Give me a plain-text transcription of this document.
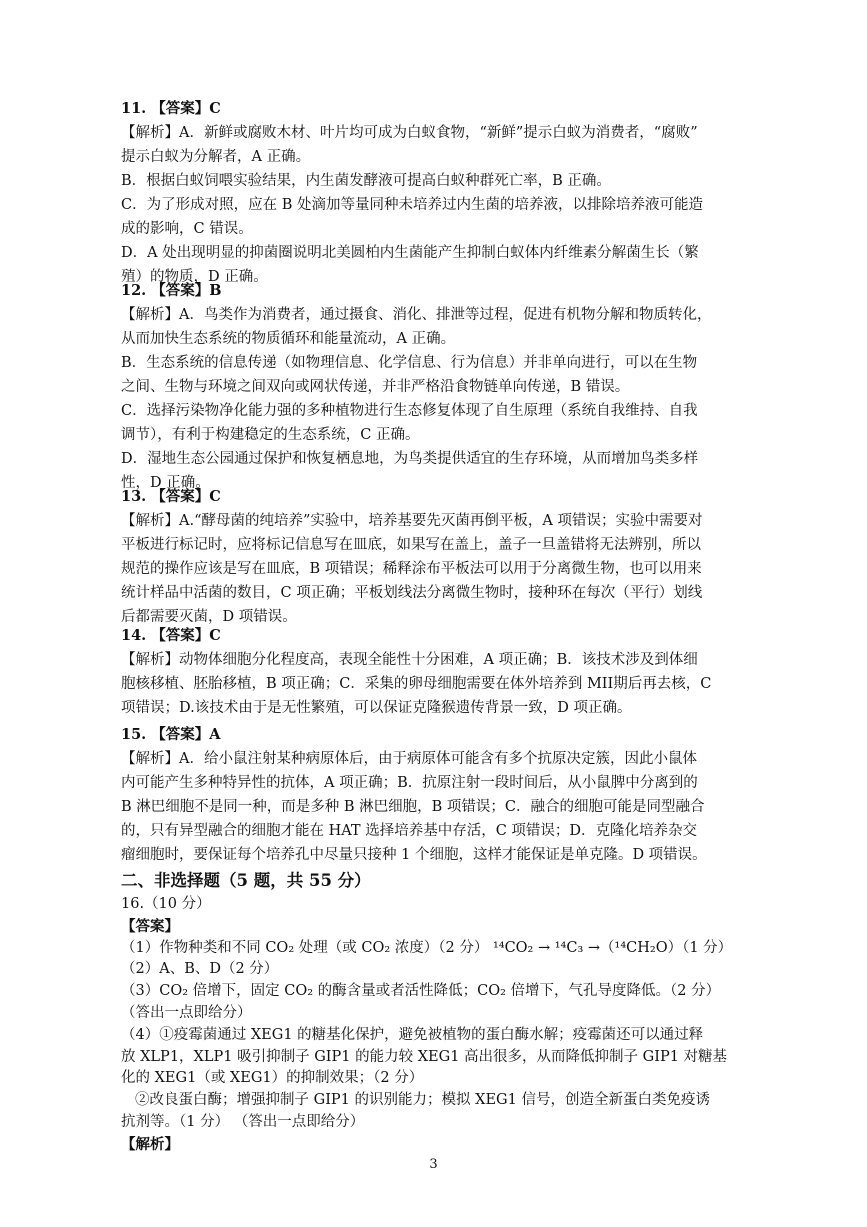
11. 【答案】C
【解析】A．新鲜或腐败木材、叶片均可成为白蚁食物，“新鲜”提示白蚁为消费者，“腐败”
提示白蚁为分解者，A 正确。
B．根据白蚁饲喂实验结果，内生菌发酵液可提高白蚁种群死亡率，B 正确。
C．为了形成对照，应在 B 处滴加等量同种未培养过内生菌的培养液，以排除培养液可能造
成的影响，C 错误。
D．A 处出现明显的抑菌圈说明北美圆柏内生菌能产生抑制白蚁体内纤维素分解菌生长（繁
殖）的物质，D 正确。
12. 【答案】B
【解析】A．鸟类作为消费者，通过摄食、消化、排泄等过程，促进有机物分解和物质转化，
从而加快生态系统的物质循环和能量流动，A 正确。
B．生态系统的信息传递（如物理信息、化学信息、行为信息）并非单向进行，可以在生物
之间、生物与环境之间双向或网状传递，并非严格沿食物链单向传递，B 错误。
C．选择污染物净化能力强的多种植物进行生态修复体现了自生原理（系统自我维持、自我
调节），有利于构建稳定的生态系统，C 正确。
D．湿地生态公园通过保护和恢复栖息地，为鸟类提供适宜的生存环境，从而增加鸟类多样
性，D 正确。
13. 【答案】C
【解析】A.“酵母菌的纯培养”实验中，培养基要先灭菌再倒平板，A 项错误；实验中需要对
平板进行标记时，应将标记信息写在皿底，如果写在盖上，盖子一旦盖错将无法辨别，所以
规范的操作应该是写在皿底，B 项错误；稀释涂布平板法可以用于分离微生物，也可以用来
统计样品中活菌的数目，C 项正确；平板划线法分离微生物时，接种环在每次（平行）划线
后都需要灭菌，D 项错误。
14. 【答案】C
【解析】动物体细胞分化程度高，表现全能性十分困难，A 项正确；B．该技术涉及到体细
胞核移植、胚胎移植，B 项正确；C．采集的卵母细胞需要在体外培养到 MII期后再去核，C
项错误；D.该技术由于是无性繁殖，可以保证克隆猴遗传背景一致，D 项正确。
15. 【答案】A
【解析】A．给小鼠注射某种病原体后，由于病原体可能含有多个抗原决定簇，因此小鼠体
内可能产生多种特异性的抗体，A 项正确；B．抗原注射一段时间后，从小鼠脾中分离到的
B 淋巴细胞不是同一种，而是多种 B 淋巴细胞，B 项错误；C．融合的细胞可能是同型融合
的，只有异型融合的细胞才能在 HAT 选择培养基中存活，C 项错误；D．克隆化培养杂交
瘤细胞时，要保证每个培养孔中尽量只接种 1 个细胞，这样才能保证是单克隆。D 项错误。
二、非选择题（5 题，共 55 分）
16.（10 分）
【答案】
（1）作物种类和不同 CO₂ 处理（或 CO₂ 浓度）（2 分） ¹⁴CO₂ → ¹⁴C₃ →（¹⁴CH₂O）（1 分）
（2）A、B、D（2 分）
（3）CO₂ 倍增下，固定 CO₂ 的酶含量或者活性降低；CO₂ 倍增下，气孔导度降低。（2 分）
（答出一点即给分）
（4）①疫霉菌通过 XEG1 的糖基化保护，避免被植物的蛋白酶水解；疫霉菌还可以通过释
放 XLP1，XLP1 吸引抑制子 GIP1 的能力较 XEG1 高出很多，从而降低抑制子 GIP1 对糖基
化的 XEG1（或 XEG1）的抑制效果；（2 分）
②改良蛋白酶；增强抑制子 GIP1 的识别能力；模拟 XEG1 信号，创造全新蛋白类免疫诱
抗剂等。（1 分） （答出一点即给分）
【解析】
3
